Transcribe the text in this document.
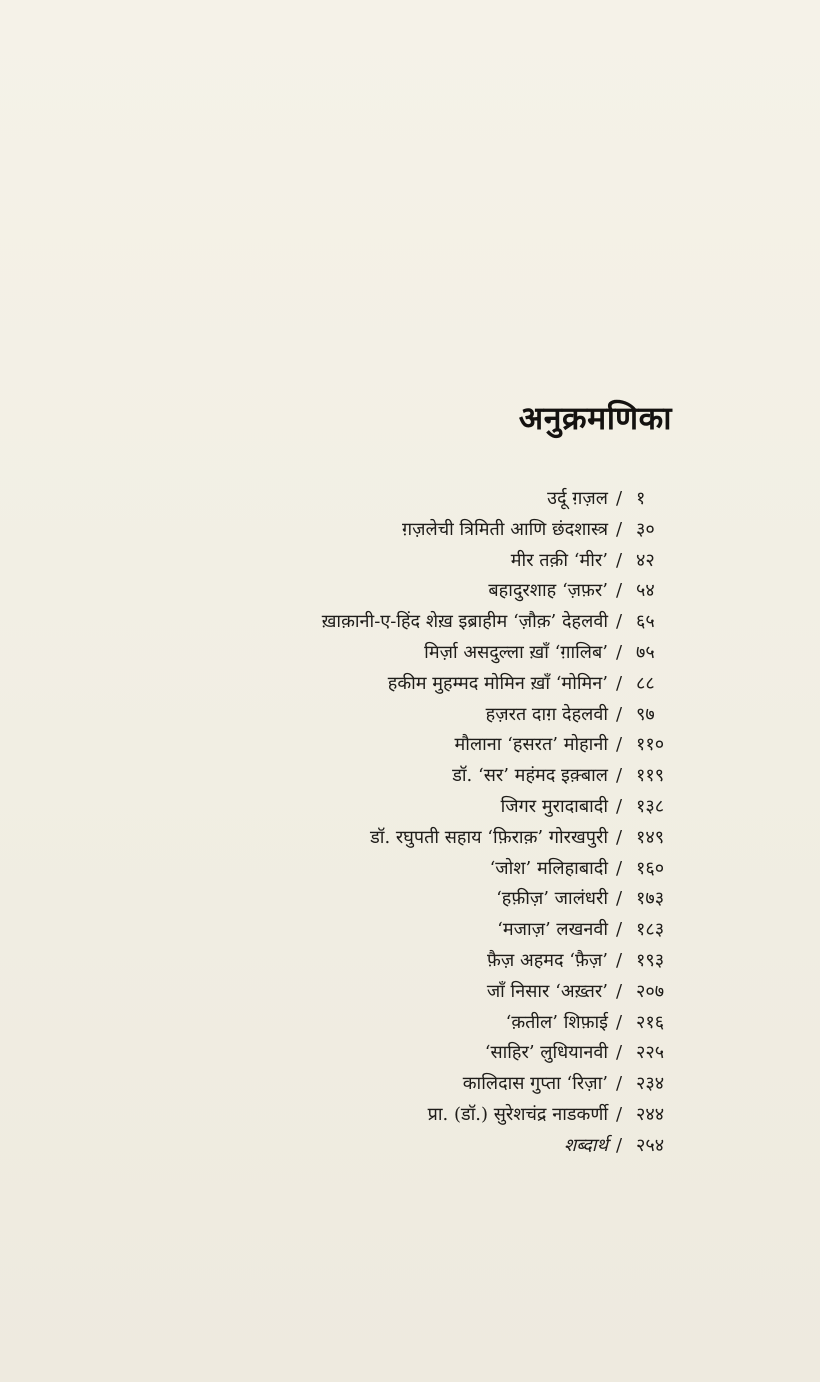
अनुक्रमणिका
उर्दू ग़ज़ल / १
ग़ज़लेची त्रिमिती आणि छंदशास्त्र / ३०
मीर तक़ी ‘मीर’ / ४२
बहादुरशाह ‘ज़फ़र’ / ५४
ख़ाक़ानी-ए-हिंद शेख़ इब्राहीम ‘ज़ौक़’ देहलवी / ६५
मिर्ज़ा असदुल्ला ख़ाँ ‘ग़ालिब’ / ७५
हकीम मुहम्मद मोमिन ख़ाँ ‘मोमिन’ / ८८
हज़रत दाग़ देहलवी / ९७
मौलाना ‘हसरत’ मोहानी / ११०
डॉ. ‘सर’ महंमद इक़्बाल / ११९
जिगर मुरादाबादी / १३८
डॉ. रघुपती सहाय ‘फ़िराक़’ गोरखपुरी / १४९
‘जोश’ मलिहाबादी / १६०
‘हफ़ीज़’ जालंधरी / १७३
‘मजाज़’ लखनवी / १८३
फ़ैज़ अहमद ‘फ़ैज़’ / १९३
जाँ निसार ‘अख़्तर’ / २०७
‘क़तील’ शिफ़ाई / २१६
‘साहिर’ लुधियानवी / २२५
कालिदास गुप्ता ‘रिज़ा’ / २३४
प्रा. (डॉ.) सुरेशचंद्र नाडकर्णी / २४४
शब्दार्थ / २५४
